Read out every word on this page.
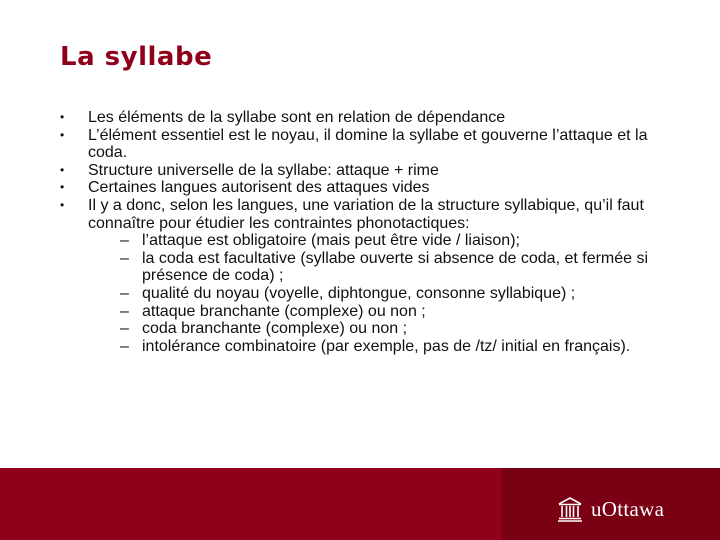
La syllabe
•	Les éléments de la syllabe sont en relation de dépendance
•	L’élément essentiel est le noyau, il domine la syllabe et gouverne l’attaque et la coda.
•	Structure universelle de la syllabe: attaque + rime
•	Certaines langues autorisent des attaques vides
•	Il y a donc, selon les langues, une variation de la structure syllabique, qu’il faut connaître pour étudier les contraintes phonotactiques:
– l’attaque est obligatoire (mais peut être vide / liaison);
– la coda est facultative (syllabe ouverte si absence de coda, et fermée si présence de coda) ;
– qualité du noyau (voyelle, diphtongue, consonne syllabique) ;
– attaque branchante (complexe) ou non ;
– coda branchante (complexe) ou non ;
– intolérance combinatoire (par exemple, pas de /tz/ initial en français).
uOttawa
